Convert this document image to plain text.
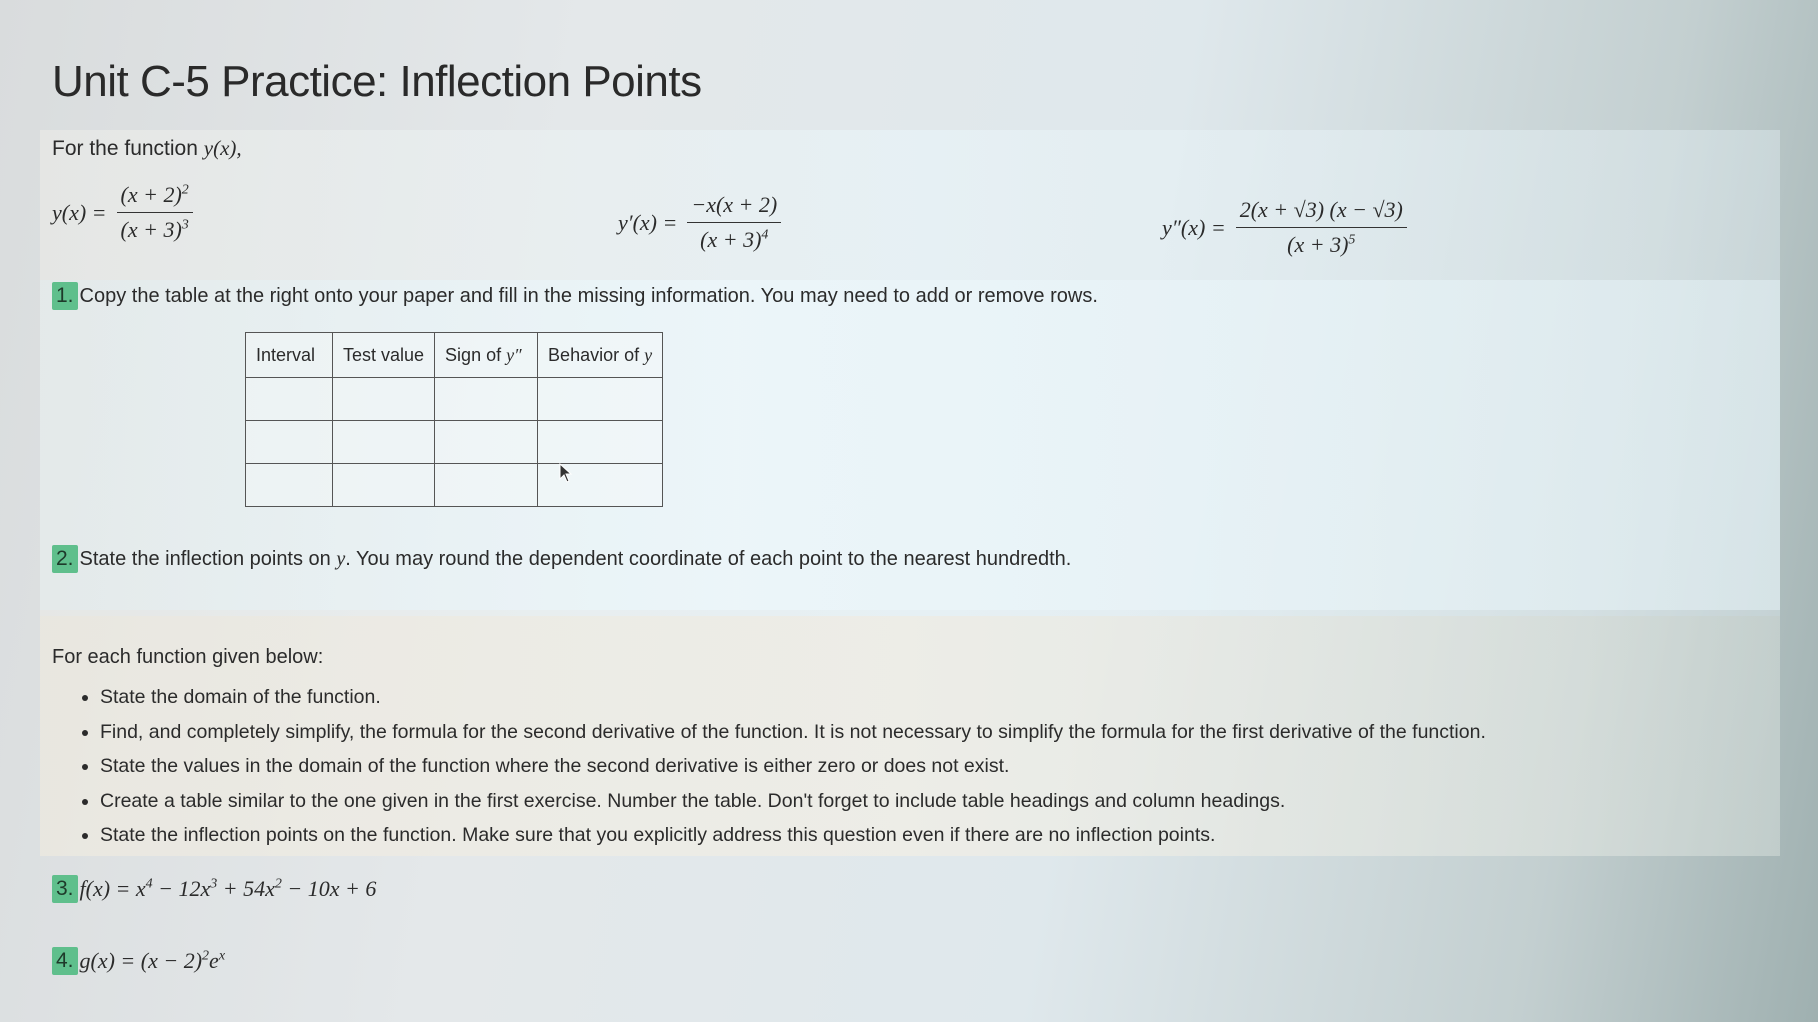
Unit C-5 Practice: Inflection Points
For the function y(x),
$y(x) = \frac{(x + 2)^2}{(x + 3)^3}$	$y'(x) = \frac{-x(x + 2)}{(x + 3)^4}$	$y''(x) = \frac{2(x + √3) (x - √3)}{(x + 3)^5}$
1. Copy the table at the right onto your paper and fill in the missing information. You may need to add or remove rows.
Interval	Test value	Sign of y″	Behavior of y

2. State the inflection points on y. You may round the dependent coordinate of each point to the nearest hundredth.
For each function given below:
• State the domain of the function.
• Find, and completely simplify, the formula for the second derivative of the function. It is not necessary to simplify the formula for the first derivative of the function.
• State the values in the domain of the function where the second derivative is either zero or does not exist.
• Create a table similar to the one given in the first exercise. Number the table. Don't forget to include table headings and column headings.
• State the inflection points on the function. Make sure that you explicitly address this question even if there are no inflection points.
3. $f(x) = x^4 - 12x^3 + 54x^2 - 10x + 6$
4. $g(x) = (x - 2)^2e^x$
